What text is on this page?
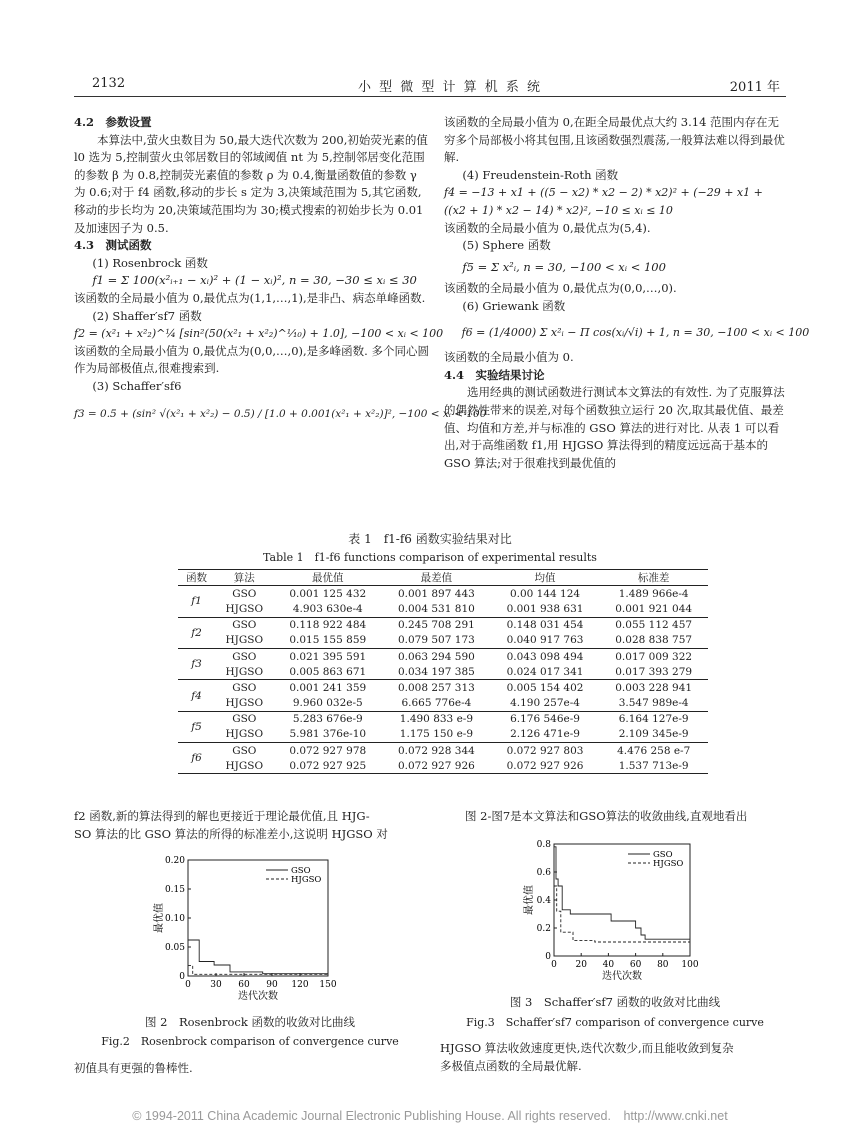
2132	小 型 微 型 计 算 机 系 统	2011 年

4.2　参数设置

本算法中,萤火虫数目为 50,最大迭代次数为 200,初始荧光素的值 l0 选为 5,控制萤火虫邻居数目的邻域阈值 nt 为 5,控制邻居变化范围的参数 β 为 0.8,控制荧光素值的参数 ρ 为 0.4,衡量函数值的参数 γ 为 0.6;对于 f4 函数,移动的步长 s 定为 3,决策域范围为 5,其它函数,移动的步长均为 20,决策域范围均为 30;模式搜索的初始步长为 0.01 及加速因子为 0.5.

4.3　测试函数

(1) Rosenbrock 函数

f1 = Σ 100(x²ᵢ₊₁ − xᵢ)² + (1 − xᵢ)², n = 30, −30 ≤ xᵢ ≤ 30

该函数的全局最小值为 0,最优点为(1,1,…,1),是非凸、病态单峰函数.

(2) Shaffer′sf7 函数

f2 = (x²₁ + x²₂)^¼ [sin²(50(x²₁ + x²₂)^⅒) + 1.0], −100 < xᵢ < 100

该函数的全局最小值为 0,最优点为(0,0,…,0),是多峰函数. 多个同心圆作为局部极值点,很难搜索到.

(3) Schaffer′sf6

f3 = 0.5 + (sin² √(x²₁ + x²₂) − 0.5) / [1.0 + 0.001(x²₁ + x²₂)]², −100 < xᵢ < 100

该函数的全局最小值为 0,在距全局最优点大约 3.14 范围内存在无穷多个局部极小将其包围,且该函数强烈震荡,一般算法难以得到最优解.

(4) Freudenstein-Roth 函数

f4 = −13 + x1 + ((5 − x2) * x2 − 2) * x2)² + (−29 + x1 +

((x2 + 1) * x2 − 14) * x2)², −10 ≤ xᵢ ≤ 10

该函数的全局最小值为 0,最优点为(5,4).

(5) Sphere 函数

f5 = Σ x²ᵢ, n = 30, −100 < xᵢ < 100

该函数的全局最小值为 0,最优点为(0,0,…,0).

(6) Griewank 函数

f6 = (1/4000) Σ x²ᵢ − Π cos(xᵢ/√i) + 1, n = 30, −100 < xᵢ < 100

该函数的全局最小值为 0.

4.4　实验结果讨论

选用经典的测试函数进行测试本文算法的有效性. 为了克服算法的偶然性带来的误差,对每个函数独立运行 20 次,取其最优值、最差值、均值和方差,并与标准的 GSO 算法的进行对比. 从表 1 可以看出,对于高维函数 f1,用 HJGSO 算法得到的精度远远高于基本的 GSO 算法;对于很难找到最优值的

表 1　f1-f6 函数实验结果对比
Table 1　f1-f6 functions comparison of experimental results
函数	算法	最优值	最差值	均值	标准差
f1	GSO	0.001 125 432	0.001 897 443	0.00 144 124	1.489 966e-4
	HJGSO	4.903 630e-4	0.004 531 810	0.001 938 631	0.001 921 044
f2	GSO	0.118 922 484	0.245 708 291	0.148 031 454	0.055 112 457
	HJGSO	0.015 155 859	0.079 507 173	0.040 917 763	0.028 838 757
f3	GSO	0.021 395 591	0.063 294 590	0.043 098 494	0.017 009 322
	HJGSO	0.005 863 671	0.034 197 385	0.024 017 341	0.017 393 279
f4	GSO	0.001 241 359	0.008 257 313	0.005 154 402	0.003 228 941
	HJGSO	9.960 032e-5	6.665 776e-4	4.190 257e-4	3.547 989e-4
f5	GSO	5.283 676e-9	1.490 833 e-9	6.176 546e-9	6.164 127e-9
	HJGSO	5.981 376e-10	1.175 150 e-9	2.126 471e-9	2.109 345e-9
f6	GSO	0.072 927 978	0.072 928 344	0.072 927 803	4.476 258 e-7
	HJGSO	0.072 927 925	0.072 927 926	0.072 927 926	1.537 713e-9

f2 函数,新的算法得到的解也更接近于理论最优值,且 HJG-

SO 算法的比 GSO 算法的所得的标准差小,这说明 HJGSO 对

初值具有更强的鲁棒性.

图 2-图7是本文算法和GSO算法的收敛曲线,直观地看出

HJGSO 算法收敛速度更快,迭代次数少,而且能收敛到复杂

多极值点函数的全局最优解.

0 30 60 90 120 150
0
0.05
0.10
0.15
0.20
迭代次数
最优值
GSO
HJGSO
图 2　Rosenbrock 函数的收敛对比曲线
Fig.2　Rosenbrock comparison of convergence curve
0 20 40 60 80 100
0
0.2
0.4
0.6
0.8
迭代次数
最优值
GSO
HJGSO
图 3　Schaffer′sf7 函数的收敛对比曲线
Fig.3　Schaffer′sf7 comparison of convergence curve
© 1994-2011 China Academic Journal Electronic Publishing House. All rights reserved.　http://www.cnki.net
